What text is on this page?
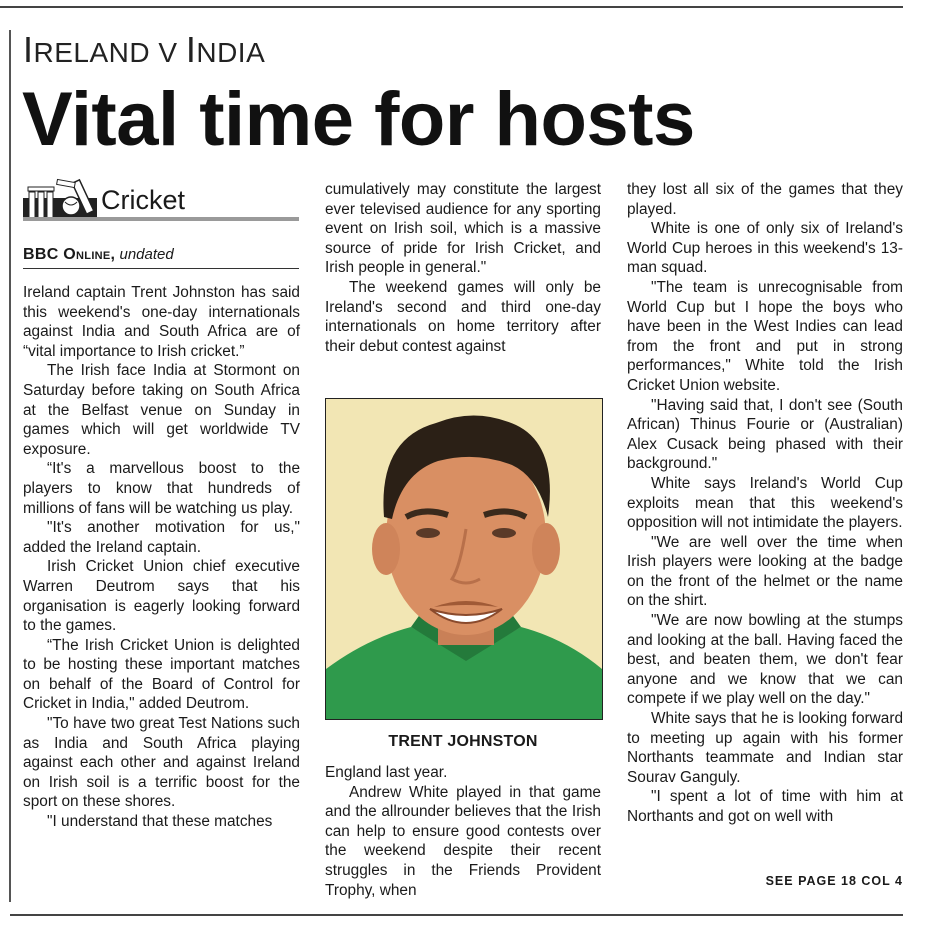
IRELAND V INDIA
Vital time for hosts
Cricket
BBC Online, undated

Ireland captain Trent Johnston has said this weekend's one-day internationals against India and South Africa are of “vital importance to Irish cricket.”

The Irish face India at Stormont on Saturday before taking on South Africa at the Belfast venue on Sunday in games which will get worldwide TV exposure.

“It's a marvellous boost to the players to know that hundreds of millions of fans will be watching us play.

"It's another motivation for us," added the Ireland captain.

Irish Cricket Union chief executive Warren Deutrom says that his organisation is eagerly looking forward to the games.

“The Irish Cricket Union is delighted to be hosting these important matches on behalf of the Board of Control for Cricket in India," added Deutrom.

"To have two great Test Nations such as India and South Africa playing against each other and against Ireland on Irish soil is a terrific boost for the sport on these shores.

"I understand that these matches

cumulatively may constitute the largest ever televised audience for any sporting event on Irish soil, which is a massive source of pride for Irish Cricket, and Irish people in general."

The weekend games will only be Ireland's second and third one-day internationals on home territory after their debut contest against

TRENT JOHNSTON

England last year.

Andrew White played in that game and the allrounder believes that the Irish can help to ensure good contests over the weekend despite their recent struggles in the Friends Provident Trophy, when

they lost all six of the games that they played.

White is one of only six of Ireland's World Cup heroes in this weekend's 13-man squad.

"The team is unrecognisable from World Cup but I hope the boys who have been in the West Indies can lead from the front and put in strong performances," White told the Irish Cricket Union website.

"Having said that, I don't see (South African) Thinus Fourie or (Australian) Alex Cusack being phased with their background."

White says Ireland's World Cup exploits mean that this weekend's opposition will not intimidate the players.

"We are well over the time when Irish players were looking at the badge on the front of the helmet or the name on the shirt.

"We are now bowling at the stumps and looking at the ball. Having faced the best, and beaten them, we don't fear anyone and we know that we can compete if we play well on the day."

White says that he is looking forward to meeting up again with his former Northants teammate and Indian star Sourav Ganguly.

"I spent a lot of time with him at Northants and got on well with

SEE PAGE 18 COL 4
